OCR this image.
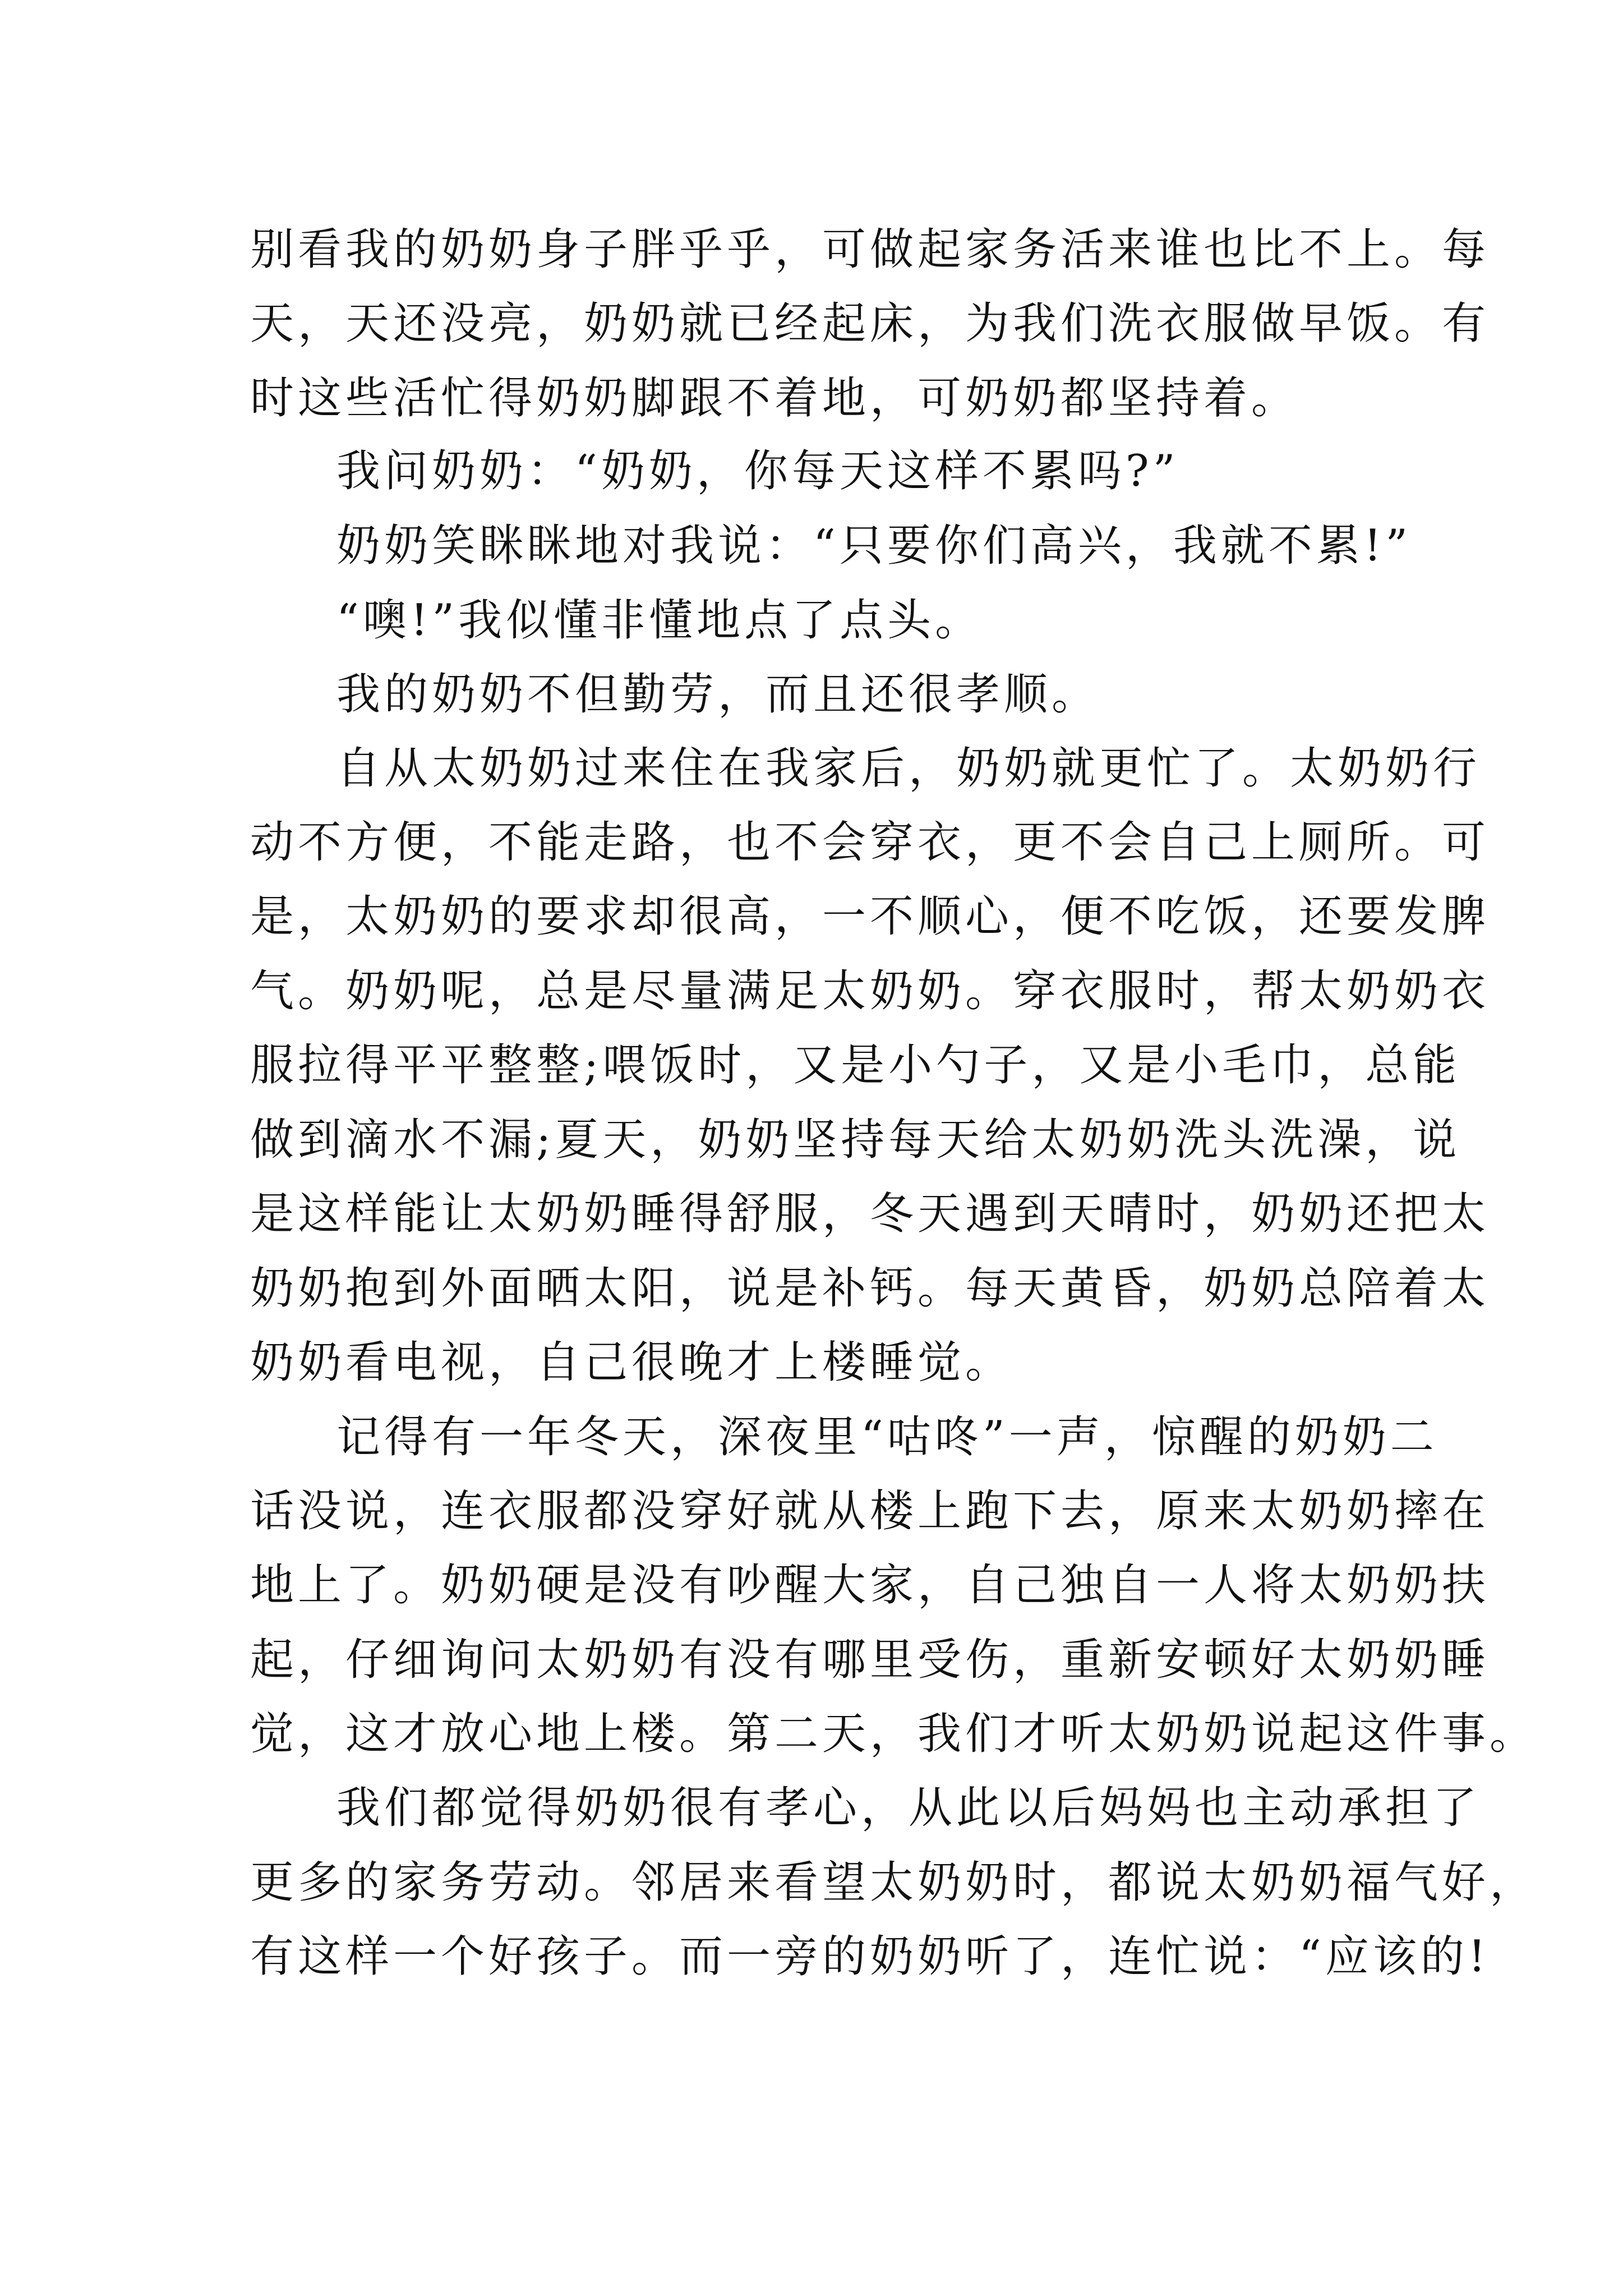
别看我的奶奶身子胖乎乎，可做起家务活来谁也比不上。每
天，天还没亮，奶奶就已经起床，为我们洗衣服做早饭。有
时这些活忙得奶奶脚跟不着地，可奶奶都坚持着。
我问奶奶：“奶奶，你每天这样不累吗?”
奶奶笑眯眯地对我说：“只要你们高兴，我就不累!”
“噢!”我似懂非懂地点了点头。
我的奶奶不但勤劳，而且还很孝顺。
自从太奶奶过来住在我家后，奶奶就更忙了。太奶奶行
动不方便，不能走路，也不会穿衣，更不会自己上厕所。可
是，太奶奶的要求却很高，一不顺心，便不吃饭，还要发脾
气。奶奶呢，总是尽量满足太奶奶。穿衣服时，帮太奶奶衣
服拉得平平整整;喂饭时，又是小勺子，又是小毛巾，总能
做到滴水不漏;夏天，奶奶坚持每天给太奶奶洗头洗澡，说
是这样能让太奶奶睡得舒服，冬天遇到天晴时，奶奶还把太
奶奶抱到外面晒太阳，说是补钙。每天黄昏，奶奶总陪着太
奶奶看电视，自己很晚才上楼睡觉。
记得有一年冬天，深夜里“咕咚”一声，惊醒的奶奶二
话没说，连衣服都没穿好就从楼上跑下去，原来太奶奶摔在
地上了。奶奶硬是没有吵醒大家，自己独自一人将太奶奶扶
起，仔细询问太奶奶有没有哪里受伤，重新安顿好太奶奶睡
觉，这才放心地上楼。第二天，我们才听太奶奶说起这件事。
我们都觉得奶奶很有孝心，从此以后妈妈也主动承担了
更多的家务劳动。邻居来看望太奶奶时，都说太奶奶福气好，
有这样一个好孩子。而一旁的奶奶听了，连忙说：“应该的!
